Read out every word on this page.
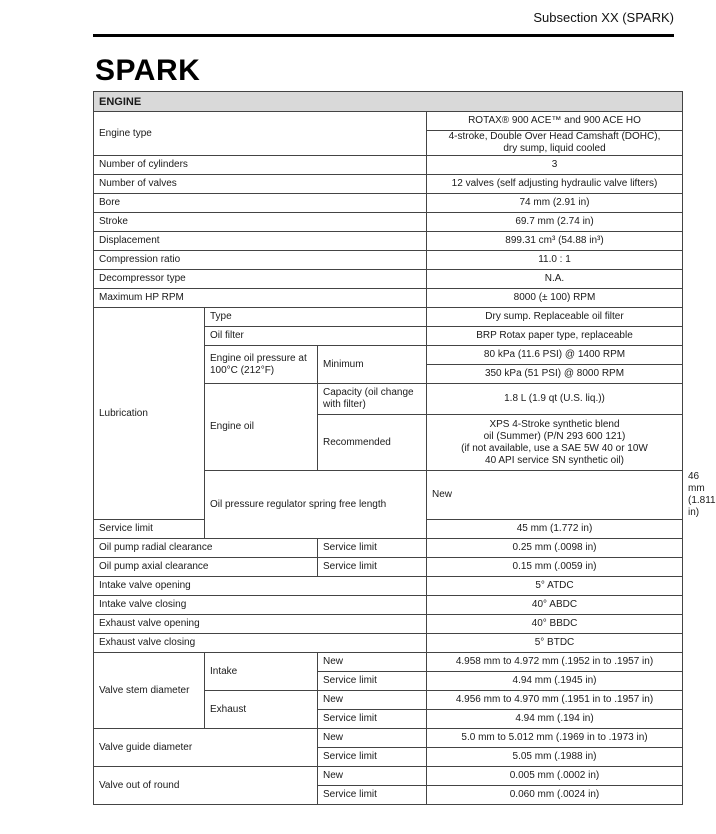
Subsection XX (SPARK)
SPARK
ENGINE				
Engine type			ROTAX® 900 ACE™ and 900 ACE HO	
			4-stroke, Double Over Head Camshaft (DOHC),
dry sump, liquid cooled	
Number of cylinders			3	
Number of valves			12 valves (self adjusting hydraulic valve lifters)	
Bore			74 mm (2.91 in)	
Stroke			69.7 mm (2.74 in)	
Displacement			899.31 cm³ (54.88 in³)	
Compression ratio			11.0 : 1	
Decompressor type			N.A.	
Maximum HP RPM			8000 (± 100) RPM	
Lubrication	Type		Dry sump. Replaceable oil filter	
	Oil filter		BRP Rotax paper type, replaceable	
	Engine oil pressure at
100°C (212°F)	Minimum	80 kPa (11.6 PSI) @ 1400 RPM	
			350 kPa (51 PSI) @ 8000 RPM	
	Engine oil	Capacity (oil change
with filter)	1.8 L (1.9 qt (U.S. liq.))	
		Recommended	XPS 4-Stroke synthetic blend
oil (Summer) (P/N 293 600 121)
(if not available, use a SAE 5W 40 or 10W
40 API service SN synthetic oil)	
	Oil pressure regulator spring free length		New	46 mm (1.811 in)
Service limit			45 mm (1.772 in)	
Oil pump radial clearance		Service limit	0.25 mm (.0098 in)	
Oil pump axial clearance		Service limit	0.15 mm (.0059 in)	
Intake valve opening			5° ATDC	
Intake valve closing			40° ABDC	
Exhaust valve opening			40° BBDC	
Exhaust valve closing			5° BTDC	
Valve stem diameter	Intake	New	4.958 mm to 4.972 mm (.1952 in to .1957 in)	
		Service limit	4.94 mm (.1945 in)	
	Exhaust	New	4.956 mm to 4.970 mm (.1951 in to .1957 in)	
		Service limit	4.94 mm (.194 in)	
Valve guide diameter		New	5.0 mm to 5.012 mm (.1969 in to .1973 in)	
		Service limit	5.05 mm (.1988 in)	
Valve out of round		New	0.005 mm (.0002 in)	
		Service limit	0.060 mm (.0024 in)	
